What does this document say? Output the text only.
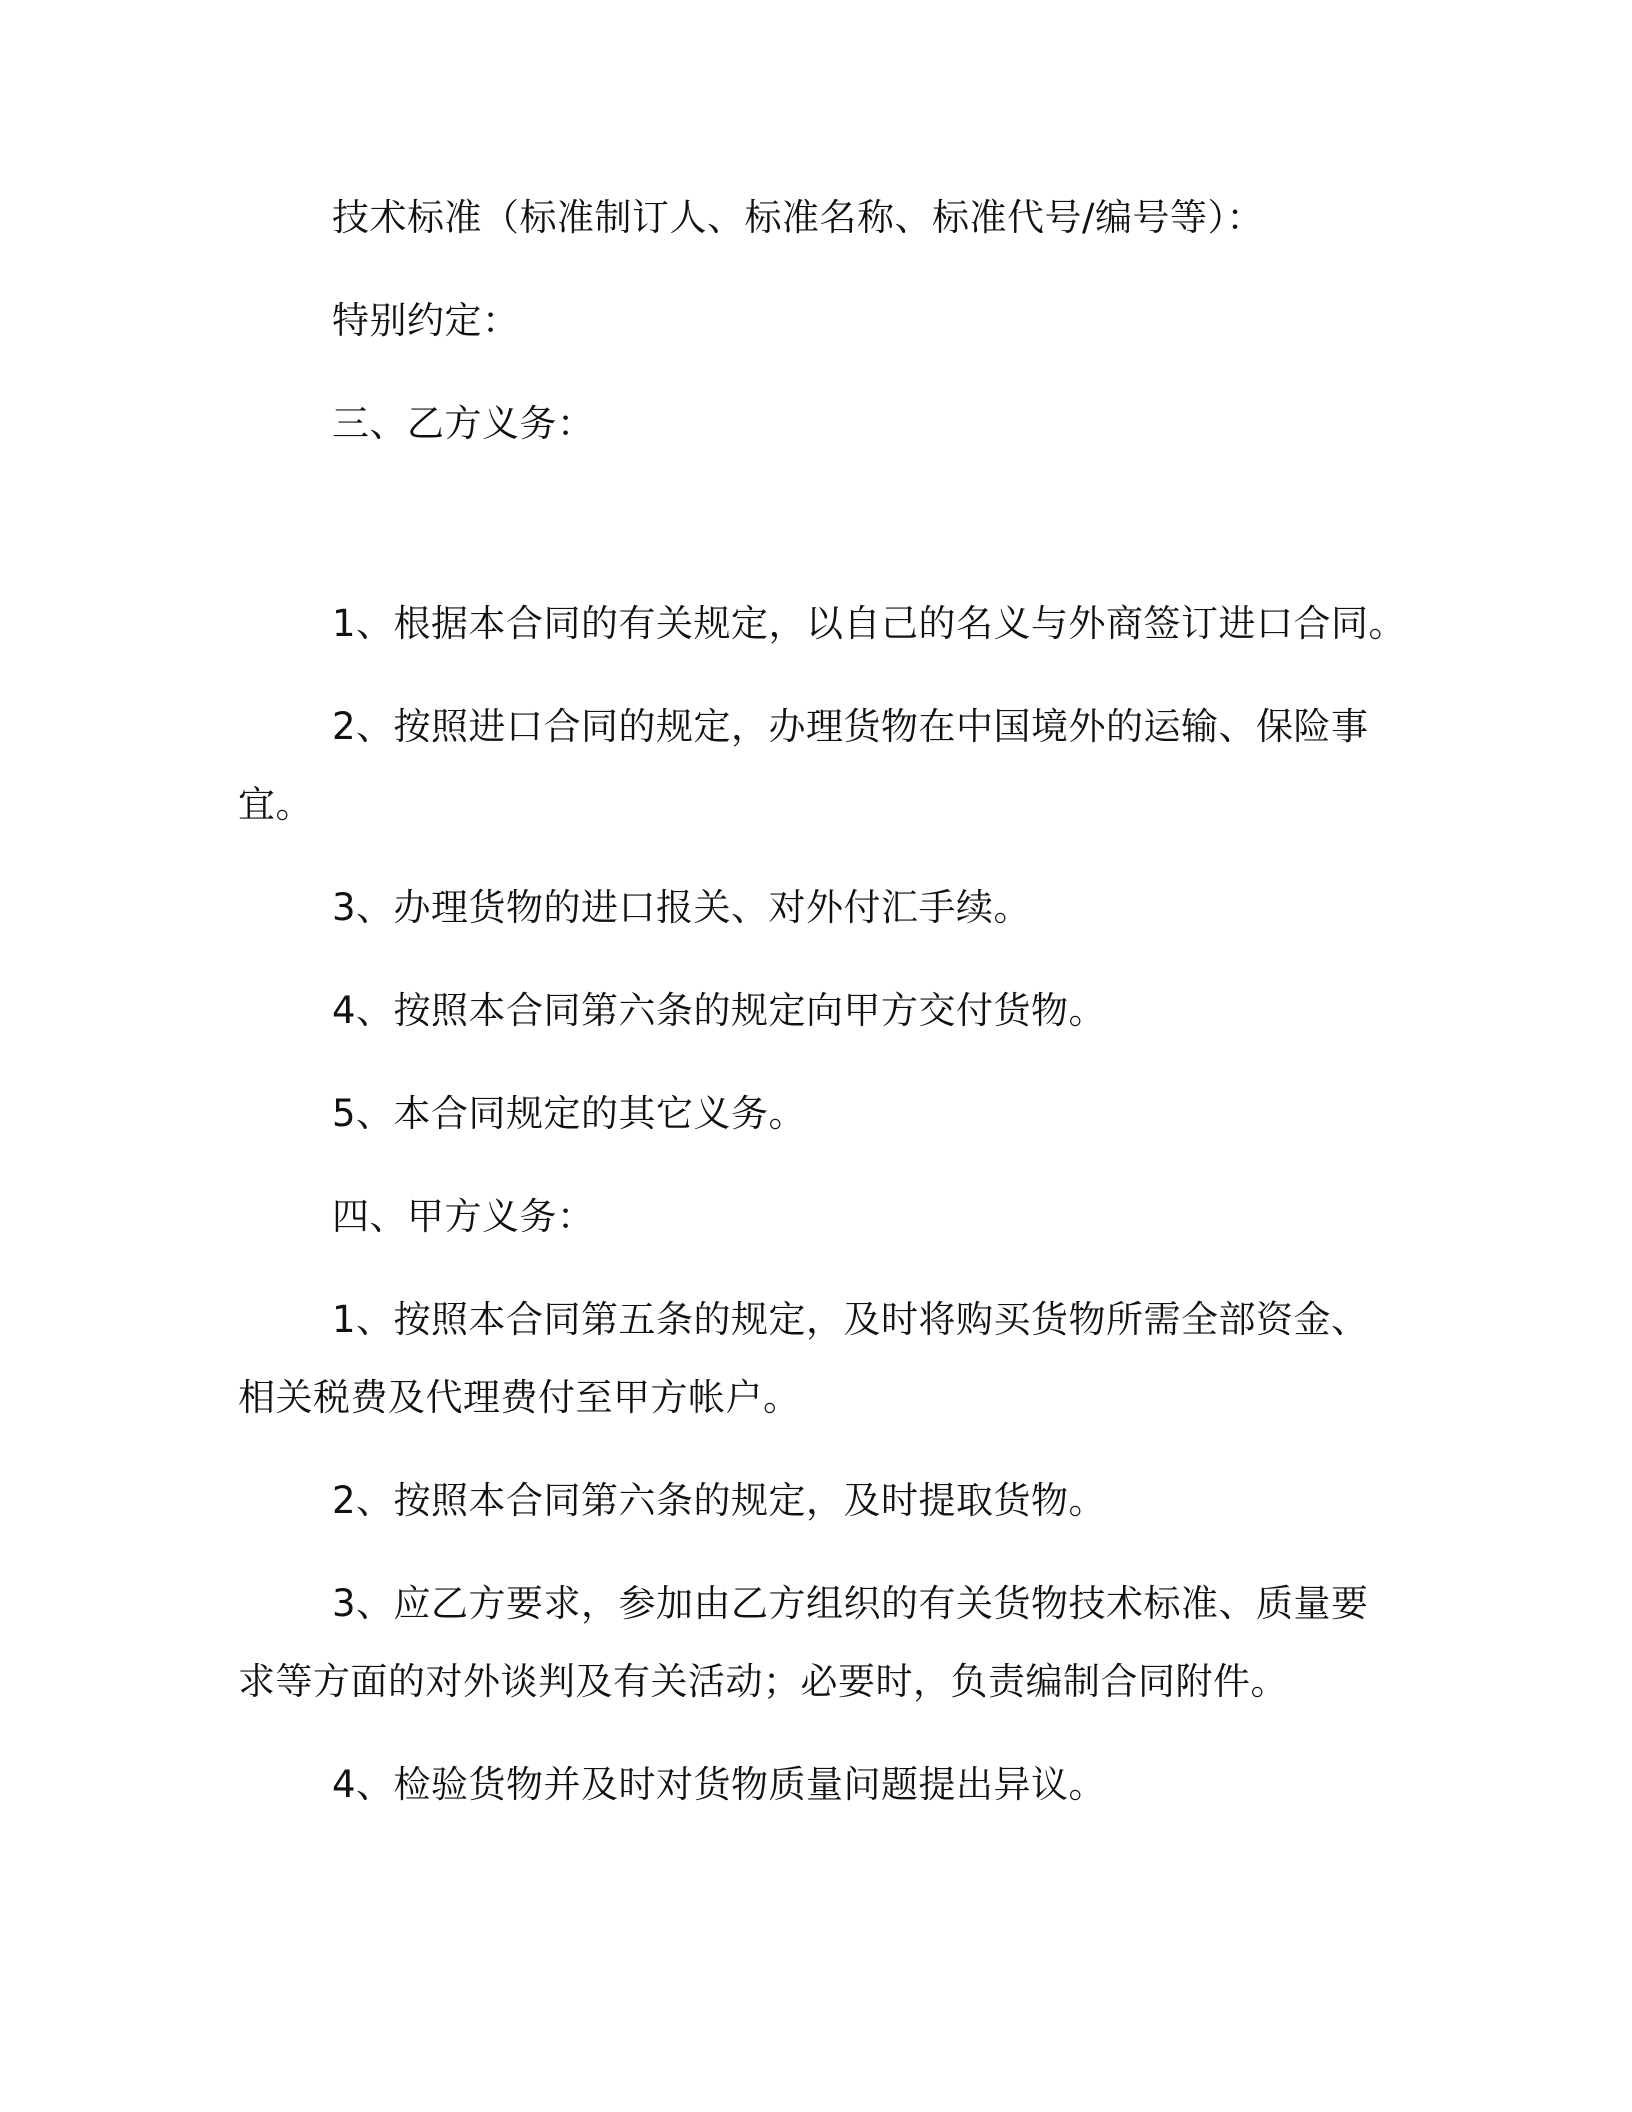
技术标准（标准制订人、标准名称、标准代号/编号等）：
特别约定：
三、乙方义务：
1、根据本合同的有关规定，以自己的名义与外商签订进口合同。
2、按照进口合同的规定，办理货物在中国境外的运输、保险事
宜。
3、办理货物的进口报关、对外付汇手续。
4、按照本合同第六条的规定向甲方交付货物。
5、本合同规定的其它义务。
四、甲方义务：
1、按照本合同第五条的规定，及时将购买货物所需全部资金、
相关税费及代理费付至甲方帐户。
2、按照本合同第六条的规定，及时提取货物。
3、应乙方要求，参加由乙方组织的有关货物技术标准、质量要
求等方面的对外谈判及有关活动；必要时，负责编制合同附件。
4、检验货物并及时对货物质量问题提出异议。
